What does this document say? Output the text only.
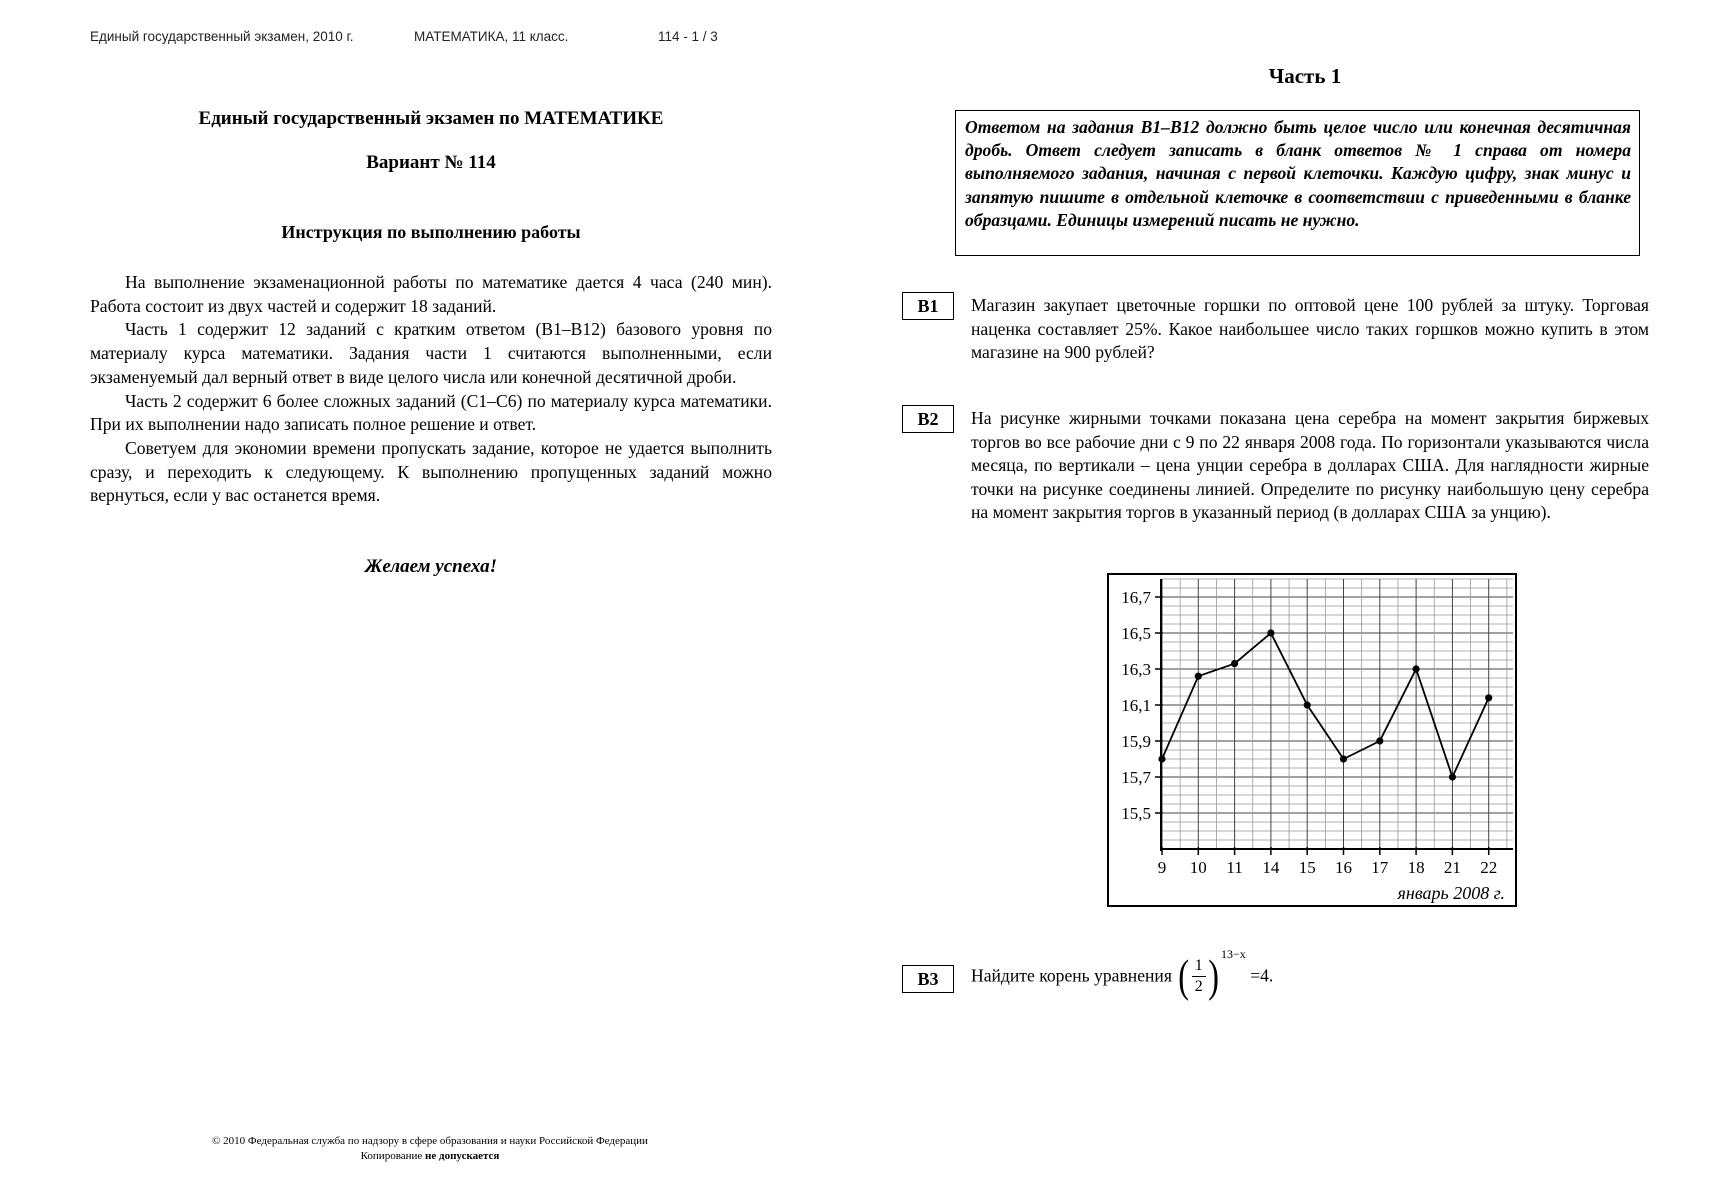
Единый государственный экзамен, 2010 г.	МАТЕМАТИКА, 11 класс.	114 - 1 / 3
Единый государственный экзамен по МАТЕМАТИКЕ
Вариант № 114
Инструкция по выполнению работы

На выполнение экзаменационной работы по математике дается 4 часа (240 мин). Работа состоит из двух частей и содержит 18 заданий.

Часть 1 содержит 12 заданий с кратким ответом (В1–В12) базового уровня по материалу курса математики. Задания части 1 считаются выполненными, если экзаменуемый дал верный ответ в виде целого числа или конечной десятичной дроби.

Часть 2 содержит 6 более сложных заданий (С1–С6) по материалу курса математики. При их выполнении надо записать полное решение и ответ.

Советуем для экономии времени пропускать задание, которое не удается выполнить сразу, и переходить к следующему. К выполнению пропущенных заданий можно вернуться, если у вас останется время.

Желаем успеха!
© 2010 Федеральная служба по надзору в сфере образования и науки Российской Федерации
Копирование не допускается
Часть 1
Ответом на задания В1–В12 должно быть целое число или конечная десятичная дробь. Ответ следует записать в бланк ответов № 1 справа от номера выполняемого задания, начиная с первой клеточки. Каждую цифру, знак минус и запятую пишите в отдельной клеточке в соответствии с приведенными в бланке образцами. Единицы измерений писать не нужно.
B1	Магазин закупает цветочные горшки по оптовой цене 100 рублей за штуку. Торговая наценка составляет 25%. Какое наибольшее число таких горшков можно купить в этом магазине на 900 рублей?
B2	На рисунке жирными точками показана цена серебра на момент закрытия биржевых торгов во все рабочие дни с 9 по 22 января 2008 года. По горизонтали указываются числа месяца, по вертикали – цена унции серебра в долларах США. Для наглядности жирные точки на рисунке соединены линией. Определите по рисунку наибольшую цену серебра на момент закрытия торгов в указанный период (в долларах США за унцию).
15,5
15,7
15,9
16,1
16,3
16,5
16,7
9 10 11 14 15 16 17 18 21 22
январь 2008 г.
B3	Найдите корень уравнения ( $\frac{1}{2}$ ) $^{13-x}$ =4.
